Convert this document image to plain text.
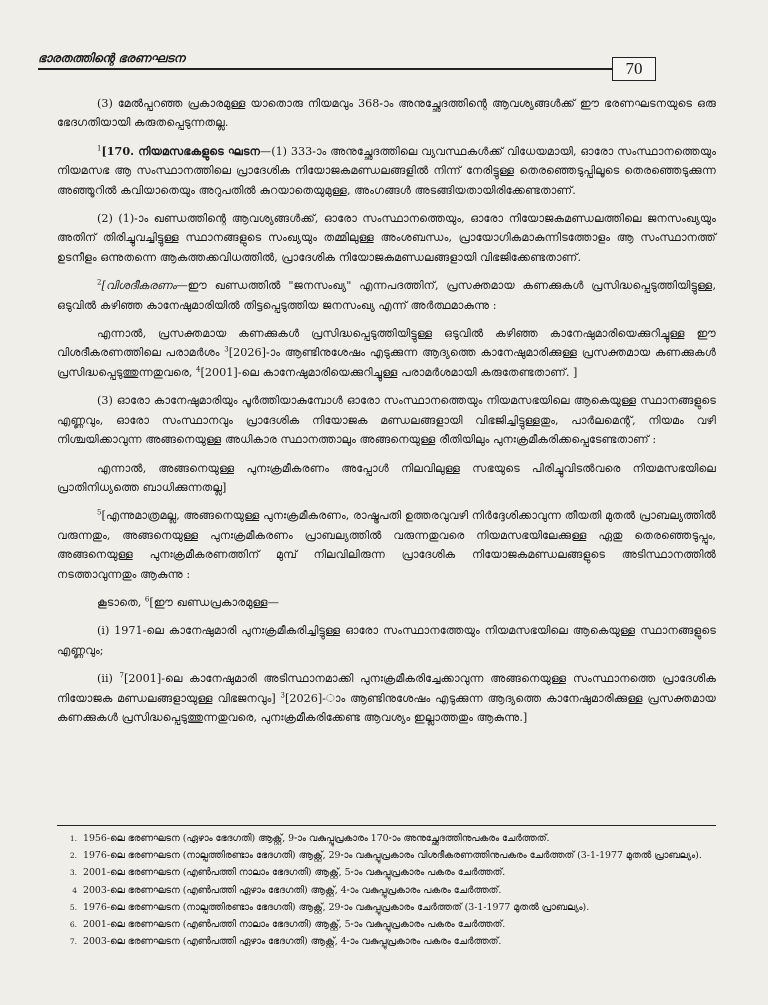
ഭാരതത്തിന്റെ ഭരണഘടന
70

(3) മേൽപ്പറഞ്ഞ പ്രകാരമുള്ള യാതൊരു നിയമവും 368-ാം അനുച്ഛേദത്തിന്റെ ആവശ്യങ്ങൾക്ക് ഈ ഭരണഘടനയുടെ ഒരു ഭേദഗതിയായി കരുതപ്പെടുന്നതല്ല.

$^1$[170. നിയമസഭകളുടെ ഘടന—(1) 333-ാം അനുച്ഛേദത്തിലെ വ്യവസ്ഥകൾക്ക് വിധേയമായി, ഓരോ സംസ്ഥാനത്തെയും നിയമസഭ ആ സംസ്ഥാനത്തിലെ പ്രാദേശിക നിയോജകമണ്ഡലങ്ങളിൽ നിന്ന് നേരിട്ടുള്ള തെരഞ്ഞെടുപ്പിലൂടെ തെരഞ്ഞെടുക്കുന്ന അഞ്ഞൂറിൽ കവിയാതെയും അറുപതിൽ കുറയാതെയുമുള്ള, അംഗങ്ങൾ അടങ്ങിയതായിരിക്കേണ്ടതാണ്.

(2) (1)-ാം ഖണ്ഡത്തിന്റെ ആവശ്യങ്ങൾക്ക്, ഓരോ സംസ്ഥാനത്തെയും, ഓരോ നിയോജകമണ്ഡലത്തിലെ ജനസംഖ്യയും അതിന് തിരിച്ചുവച്ചിട്ടുള്ള സ്ഥാനങ്ങളുടെ സംഖ്യയും തമ്മിലുള്ള അംശബന്ധം, പ്രായോഗികമാകുന്നിടത്തോളം ആ സംസ്ഥാനത്ത് ഉടനീളം ഒന്നുതന്നെ ആകത്തക്കവിധത്തിൽ, പ്രാദേശിക നിയോജകമണ്ഡലങ്ങളായി വിഭജിക്കേണ്ടതാണ്.

$^2$[വിശദീകരണം—ഈ ഖണ്ഡത്തിൽ "ജനസംഖ്യ" എന്നപദത്തിന്, പ്രസക്തമായ കണക്കുകൾ പ്രസിദ്ധപ്പെടുത്തിയിട്ടുള്ള, ഒടുവിൽ കഴിഞ്ഞ കാനേഷുമാരിയിൽ തിട്ടപ്പെടുത്തിയ ജനസംഖ്യ എന്ന് അർത്ഥമാകുന്നു :

എന്നാൽ, പ്രസക്തമായ കണക്കുകൾ പ്രസിദ്ധപ്പെടുത്തിയിട്ടുള്ള ഒടുവിൽ കഴിഞ്ഞ കാനേഷുമാരിയെക്കുറിച്ചുള്ള ഈ വിശദീകരണത്തിലെ പരാമർശം $^3$[2026]-ാം ആണ്ടിനുശേഷം എടുക്കുന്ന ആദ്യത്തെ കാനേഷുമാരിക്കുള്ള പ്രസക്തമായ കണക്കുകൾ പ്രസിദ്ധപ്പെടുത്തുന്നതുവരെ, $^4$[2001]-ലെ കാനേഷുമാരിയെക്കുറിച്ചുള്ള പരാമർശമായി കരുതേണ്ടതാണ്. ]

(3) ഓരോ കാനേഷുമാരിയും പൂർത്തിയാകുമ്പോൾ ഓരോ സംസ്ഥാനത്തെയും നിയമസഭയിലെ ആകെയുള്ള സ്ഥാനങ്ങളുടെ എണ്ണവും, ഓരോ സംസ്ഥാനവും പ്രാദേശിക നിയോജക മണ്ഡലങ്ങളായി വിഭജിച്ചിട്ടുള്ളതും, പാർലമെന്റ്, നിയമം വഴി നിശ്ചയിക്കാവുന്ന അങ്ങനെയുള്ള അധികാര സ്ഥാനത്താലും അങ്ങനെയുള്ള രീതിയിലും പുനഃക്രമീകരിക്കപ്പെടേണ്ടതാണ് :

എന്നാൽ, അങ്ങനെയുള്ള പുനഃക്രമീകരണം അപ്പോൾ നിലവിലുള്ള സഭയുടെ പിരിച്ചുവിടൽവരെ നിയമസഭയിലെ പ്രാതിനിധ്യത്തെ ബാധിക്കുന്നതല്ല]

$^5$[എന്നുമാത്രമല്ല, അങ്ങനെയുള്ള പുനഃക്രമീകരണം, രാഷ്ട്രപതി ഉത്തരവുവഴി നിർദ്ദേശിക്കാവുന്ന തീയതി മുതൽ പ്രാബല്യത്തിൽ വരുന്നതും, അങ്ങനെയുള്ള പുനഃക്രമീകരണം പ്രാബല്യത്തിൽ വരുന്നതുവരെ നിയമസഭയിലേക്കുള്ള ഏതു തെരഞ്ഞെടുപ്പും, അങ്ങനെയുള്ള പുനഃക്രമീകരണത്തിന് മുമ്പ് നിലവിലിരുന്ന പ്രാദേശിക നിയോജകമണ്ഡലങ്ങളുടെ അടിസ്ഥാനത്തിൽ നടത്താവുന്നതും ആകുന്നു :

കൂടാതെ, $^6$[ഈ ഖണ്ഡപ്രകാരമുള്ള—

(i) 1971-ലെ കാനേഷുമാരി പുനഃക്രമീകരിച്ചിട്ടുള്ള ഓരോ സംസ്ഥാനത്തേയും നിയമസഭയിലെ ആകെയുള്ള സ്ഥാനങ്ങളുടെ എണ്ണവും;

(ii) $^7$[2001]-ലെ കാനേഷുമാരി അടിസ്ഥാനമാക്കി പുനഃക്രമീകരിച്ചേക്കാവുന്ന അങ്ങനെയുള്ള സംസ്ഥാനത്തെ പ്രാദേശിക നിയോജക മണ്ഡലങ്ങളായുള്ള വിഭജനവും] $^3$[2026]-ാം ആണ്ടിനുശേഷം എടുക്കുന്ന ആദ്യത്തെ കാനേഷുമാരിക്കുള്ള പ്രസക്തമായ കണക്കുകൾ പ്രസിദ്ധപ്പെടുത്തുന്നതുവരെ, പുനഃക്രമീകരിക്കേണ്ട ആവശ്യം ഇല്ലാത്തതും ആകുന്നു.]

1. 1956-ലെ ഭരണഘടന (ഏഴാം ഭേദഗതി) ആക്റ്റ്, 9-ാം വകുപ്പുപ്രകാരം 170-ാം അനുച്ഛേദത്തിനുപകരം ചേർത്തത്.
2. 1976-ലെ ഭരണഘടന (നാല്പത്തിരണ്ടാം ഭേദഗതി) ആക്റ്റ്, 29-ാം വകുപ്പുപ്രകാരം വിശദീകരണത്തിനുപകരം ചേർത്തത് (3-1-1977 മുതൽ പ്രാബല്യം).
3. 2001-ലെ ഭരണഘടന (എൺപത്തി നാലാം ഭേദഗതി) ആക്റ്റ്, 5-ാം വകുപ്പുപ്രകാരം പകരം ചേർത്തത്.
4 2003-ലെ ഭരണഘടന (എൺപത്തി ഏഴാം ഭേദഗതി) ആക്റ്റ്, 4-ാം വകുപ്പുപ്രകാരം പകരം ചേർത്തത്.
5. 1976-ലെ ഭരണഘടന (നാല്പത്തിരണ്ടാം ഭേദഗതി) ആക്റ്റ്, 29-ാം വകുപ്പുപ്രകാരം ചേർത്തത് (3-1-1977 മുതൽ പ്രാബല്യം).
6. 2001-ലെ ഭരണഘടന (എൺപത്തി നാലാം ഭേദഗതി) ആക്റ്റ്, 5-ാം വകുപ്പുപ്രകാരം പകരം ചേർത്തത്.
7. 2003-ലെ ഭരണഘടന (എൺപത്തി ഏഴാം ഭേദഗതി) ആക്റ്റ്, 4-ാം വകുപ്പുപ്രകാരം പകരം ചേർത്തത്.
